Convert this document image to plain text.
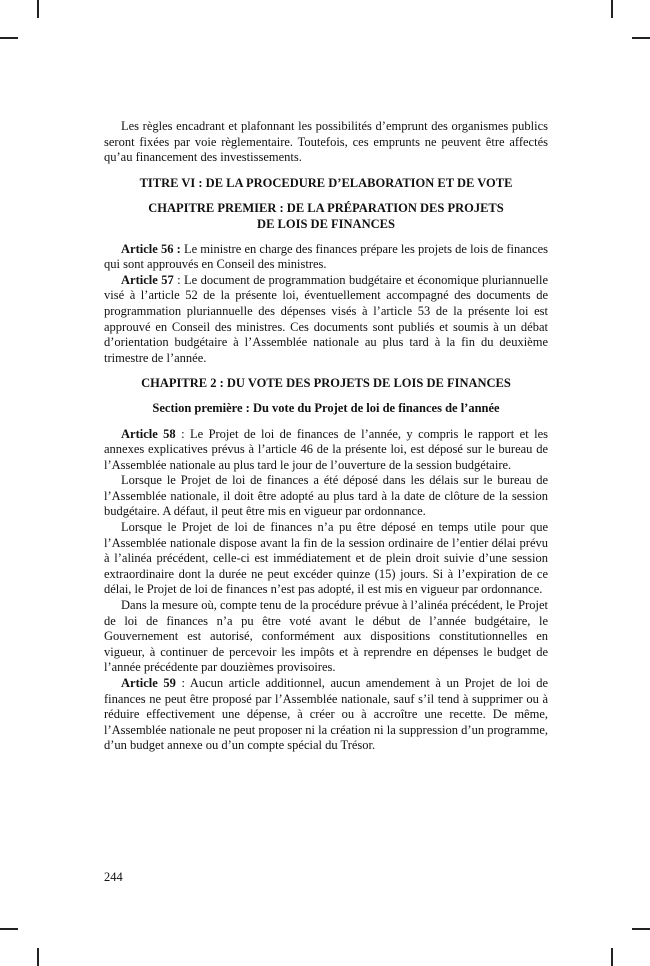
Les règles encadrant et plafonnant les possibilités d’emprunt des organismes publics seront fixées par voie règlementaire. Toutefois, ces emprunts ne peuvent être affectés qu’au financement des investissements.

TITRE VI : DE LA PROCEDURE D’ELABORATION ET DE VOTE
CHAPITRE PREMIER : DE LA PRÉPARATION DES PROJETS
DE LOIS DE FINANCES

Article 56 : Le ministre en charge des finances prépare les projets de lois de finances qui sont approuvés en Conseil des ministres.

Article 57 : Le document de programmation budgétaire et économique pluriannuelle visé à l’article 52 de la présente loi, éventuellement accompagné des documents de programmation pluriannuelle des dépenses visés à l’article 53 de la présente loi est approuvé en Conseil des ministres. Ces documents sont publiés et soumis à un débat d’orientation budgétaire à l’Assemblée nationale au plus tard à la fin du deuxième trimestre de l’année.

CHAPITRE 2 : DU VOTE DES PROJETS DE LOIS DE FINANCES
Section première : Du vote du Projet de loi de finances de l’année

Article 58 : Le Projet de loi de finances de l’année, y compris le rapport et les annexes explicatives prévus à l’article 46 de la présente loi, est déposé sur le bureau de l’Assemblée nationale au plus tard le jour de l’ouverture de la session budgétaire.

Lorsque le Projet de loi de finances a été déposé dans les délais sur le bureau de l’Assemblée nationale, il doit être adopté au plus tard à la date de clôture de la session budgétaire. A défaut, il peut être mis en vigueur par ordonnance.

Lorsque le Projet de loi de finances n’a pu être déposé en temps utile pour que l’Assemblée nationale dispose avant la fin de la session ordinaire de l’entier délai prévu à l’alinéa précédent, celle-ci est immédiatement et de plein droit suivie d’une session extraordinaire dont la durée ne peut excéder quinze (15) jours. Si à l’expiration de ce délai, le Projet de loi de finances n’est pas adopté, il est mis en vigueur par ordonnance.

Dans la mesure où, compte tenu de la procédure prévue à l’alinéa précédent, le Projet de loi de finances n’a pu être voté avant le début de l’année budgétaire, le Gouvernement est autorisé, conformément aux dispositions constitutionnelles en vigueur, à continuer de percevoir les impôts et à reprendre en dépenses le budget de l’année précédente par douzièmes provisoires.

Article 59 : Aucun article additionnel, aucun amendement à un Projet de loi de finances ne peut être proposé par l’Assemblée nationale, sauf s’il tend à supprimer ou à réduire effectivement une dépense, à créer ou à accroître une recette. De même, l’Assemblée nationale ne peut proposer ni la création ni la suppression d’un programme, d’un budget annexe ou d’un compte spécial du Trésor.

244
